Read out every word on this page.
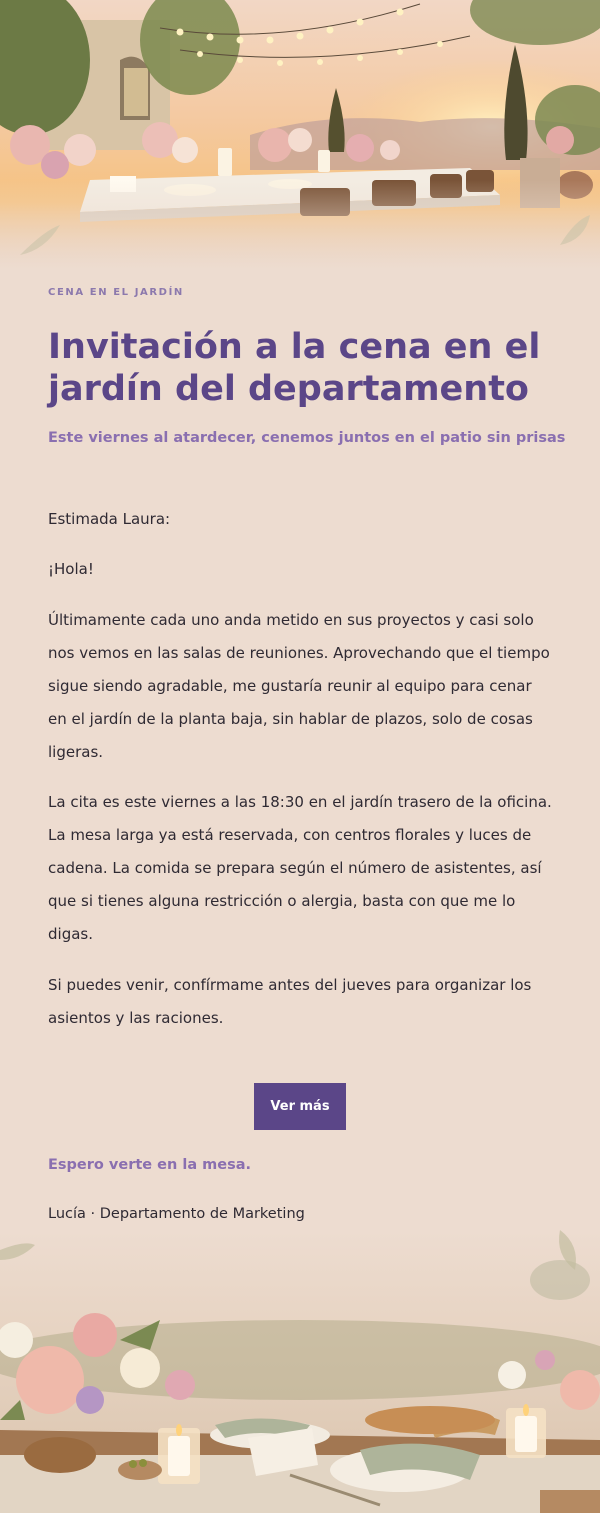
CENA EN EL JARDÍN
Invitación a la cena en el jardín del departamento
Este viernes al atardecer, cenemos juntos en el patio sin prisas
Estimada Laura:
¡Hola!

Últimamente cada uno anda metido en sus proyectos y casi solo nos vemos en las salas de reuniones. Aprovechando que el tiempo sigue siendo agradable, me gustaría reunir al equipo para cenar en el jardín de la planta baja, sin hablar de plazos, solo de cosas ligeras.

La cita es este viernes a las 18:30 en el jardín trasero de la oficina. La mesa larga ya está reservada, con centros florales y luces de cadena. La comida se prepara según el número de asistentes, así que si tienes alguna restricción o alergia, basta con que me lo digas.

Si puedes venir, confírmame antes del jueves para organizar los asientos y las raciones.

Ver más
Espero verte en la mesa.
Lucía · Departamento de Marketing
